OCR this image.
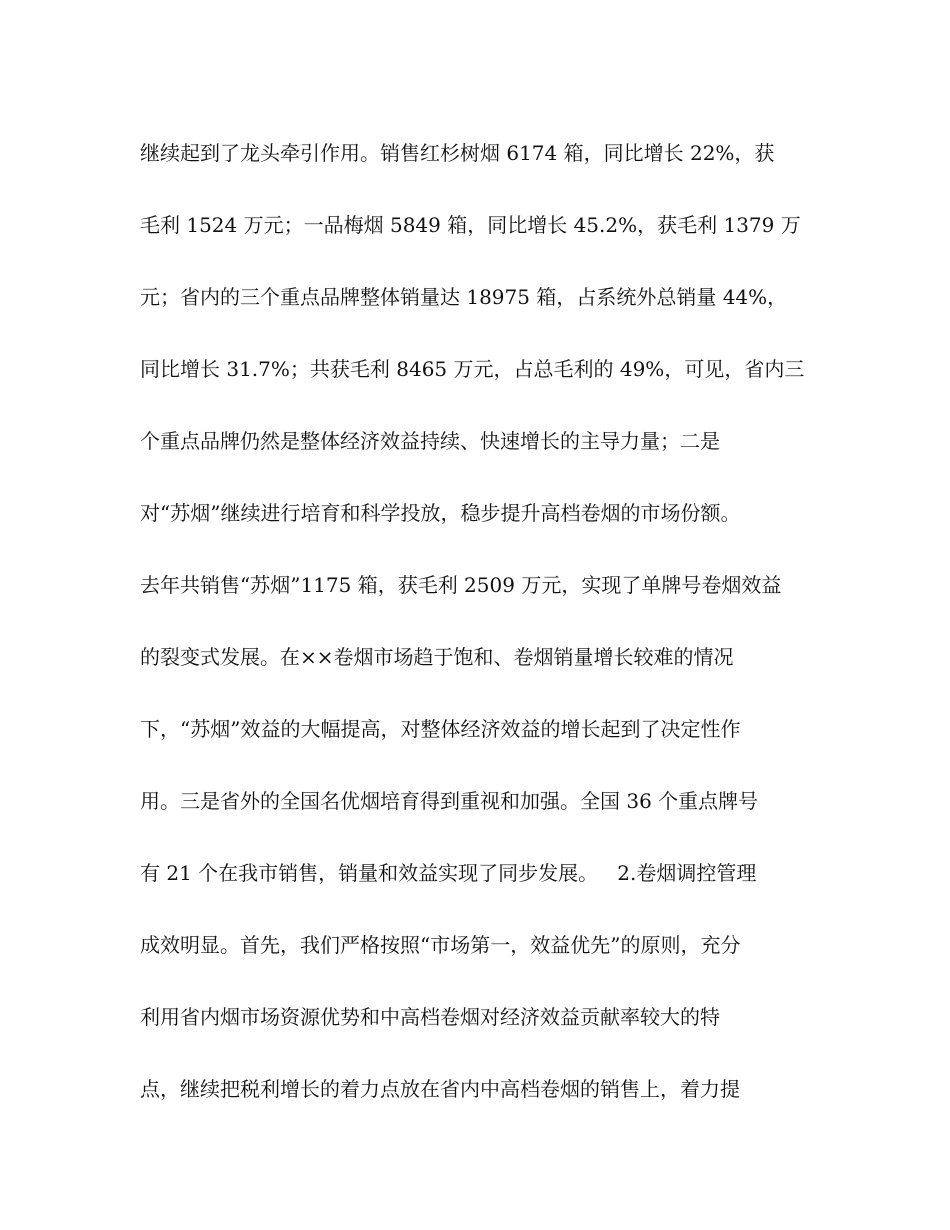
继续起到了龙头牵引作用。销售红杉树烟 6174 箱，同比增长 22%，获

毛利 1524 万元；一品梅烟 5849 箱，同比增长 45.2%，获毛利 1379 万

元；省内的三个重点品牌整体销量达 18975 箱，占系统外总销量 44%，

同比增长 31.7%；共获毛利 8465 万元，占总毛利的 49%，可见，省内三

个重点品牌仍然是整体经济效益持续、快速增长的主导力量；二是

对“苏烟”继续进行培育和科学投放，稳步提升高档卷烟的市场份额。

去年共销售“苏烟”1175 箱，获毛利 2509 万元，实现了单牌号卷烟效益

的裂变式发展。在××卷烟市场趋于饱和、卷烟销量增长较难的情况

下，“苏烟”效益的大幅提高，对整体经济效益的增长起到了决定性作

用。三是省外的全国名优烟培育得到重视和加强。全国 36 个重点牌号

有 21 个在我市销售，销量和效益实现了同步发展。   2.卷烟调控管理

成效明显。首先，我们严格按照“市场第一，效益优先”的原则，充分

利用省内烟市场资源优势和中高档卷烟对经济效益贡献率较大的特

点，继续把税利增长的着力点放在省内中高档卷烟的销售上，着力提
